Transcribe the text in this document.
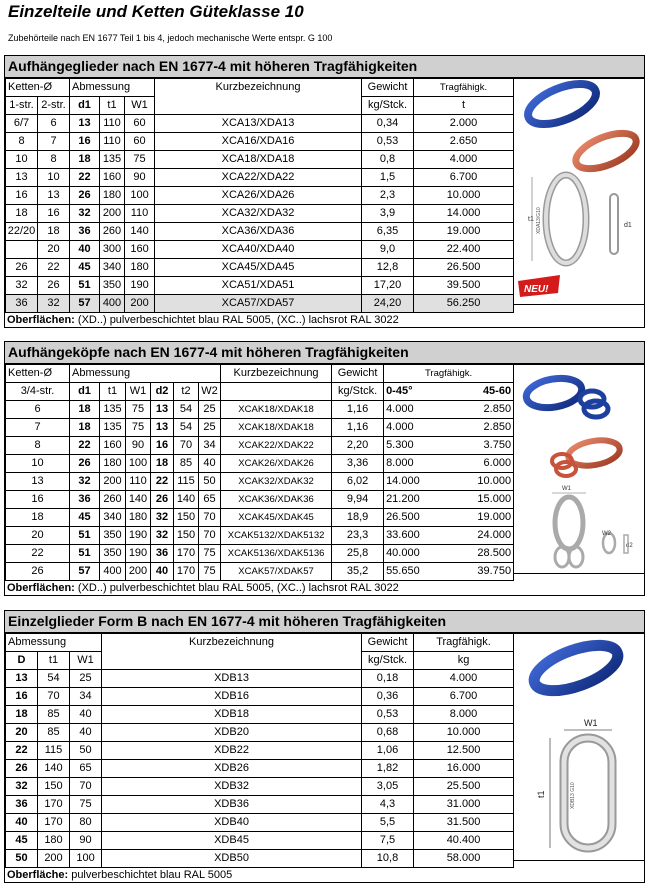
Einzelteile und Ketten Güteklasse 10
Zubehörteile nach EN 1677 Teil 1 bis 4, jedoch mechanische Werte entspr. G 100
Aufhängeglieder nach EN 1677-4 mit höheren Tragfähigkeiten
Ketten-Ø		Abmessung			Kurzbezeichnung	Gewicht	Tragfähigk.
1-str.	2-str.	d1	t1	W1		kg/Stck.	t
6/7	6	13	110	60	XCA13/XDA13	0,34	2.000
8	7	16	110	60	XCA16/XDA16	0,53	2.650
10	8	18	135	75	XCA18/XDA18	0,8	4.000
13	10	22	160	90	XCA22/XDA22	1,5	6.700
16	13	26	180	100	XCA26/XDA26	2,3	10.000
18	16	32	200	110	XCA32/XDA32	3,9	14.000
22/20	18	36	260	140	XCA36/XDA36	6,35	19.000
	20	40	300	160	XCA40/XDA40	9,0	22.400
26	22	45	340	180	XCA45/XDA45	12,8	26.500
32	26	51	350	190	XCA51/XDA51	17,20	39.500
36	32	57	400	200	XCA57/XDA57	24,20	56.250
Oberflächen: (XD..) pulverbeschichtet blau RAL 5005, (XC..) lachsrot RAL 3022
t1 XDA13/G10	d1
NEU!
Aufhängeköpfe nach EN 1677-4 mit höheren Tragfähigkeiten
Ketten-Ø	Abmessung						Kurzbezeichnung	Gewicht	Tragfähigk.	
3/4-str.	d1	t1	W1	d2	t2	W2		kg/Stck.	0-45°	45-60
6	18	135	75	13	54	25	XCAK18/XDAK18	1,16	4.000	2.850
7	18	135	75	13	54	25	XCAK18/XDAK18	1,16	4.000	2.850
8	22	160	90	16	70	34	XCAK22/XDAK22	2,20	5.300	3.750
10	26	180	100	18	85	40	XCAK26/XDAK26	3,36	8.000	6.000
13	32	200	110	22	115	50	XCAK32/XDAK32	6,02	14.000	10.000
16	36	260	140	26	140	65	XCAK36/XDAK36	9,94	21.200	15.000
18	45	340	180	32	150	70	XCAK45/XDAK45	18,9	26.500	19.000
20	51	350	190	32	150	70	XCAK5132/XDAK5132	23,3	33.600	24.000
22	51	350	190	36	170	75	XCAK5136/XDAK5136	25,8	40.000	28.500
26	57	400	200	40	170	75	XCAK57/XDAK57	35,2	55.650	39.750
Oberflächen: (XD..) pulverbeschichtet blau RAL 5005, (XC..) lachsrot RAL 3022
W1
W2
d2
Einzelglieder Form B nach EN 1677-4 mit höheren Tragfähigkeiten
Abmessung			Kurzbezeichnung	Gewicht	Tragfähigk.
D	t1	W1		kg/Stck.	kg
13	54	25	XDB13	0,18	4.000
16	70	34	XDB16	0,36	6.700
18	85	40	XDB18	0,53	8.000
20	85	40	XDB20	0,68	10.000
22	115	50	XDB22	1,06	12.500
26	140	65	XDB26	1,82	16.000
32	150	70	XDB32	3,05	25.500
36	170	75	XDB36	4,3	31.000
40	170	80	XDB40	5,5	31.500
45	180	90	XDB45	7,5	40.400
50	200	100	XDB50	10,8	58.000
Oberfläche: pulverbeschichtet blau RAL 5005
W1
t1	XDB13 G10
